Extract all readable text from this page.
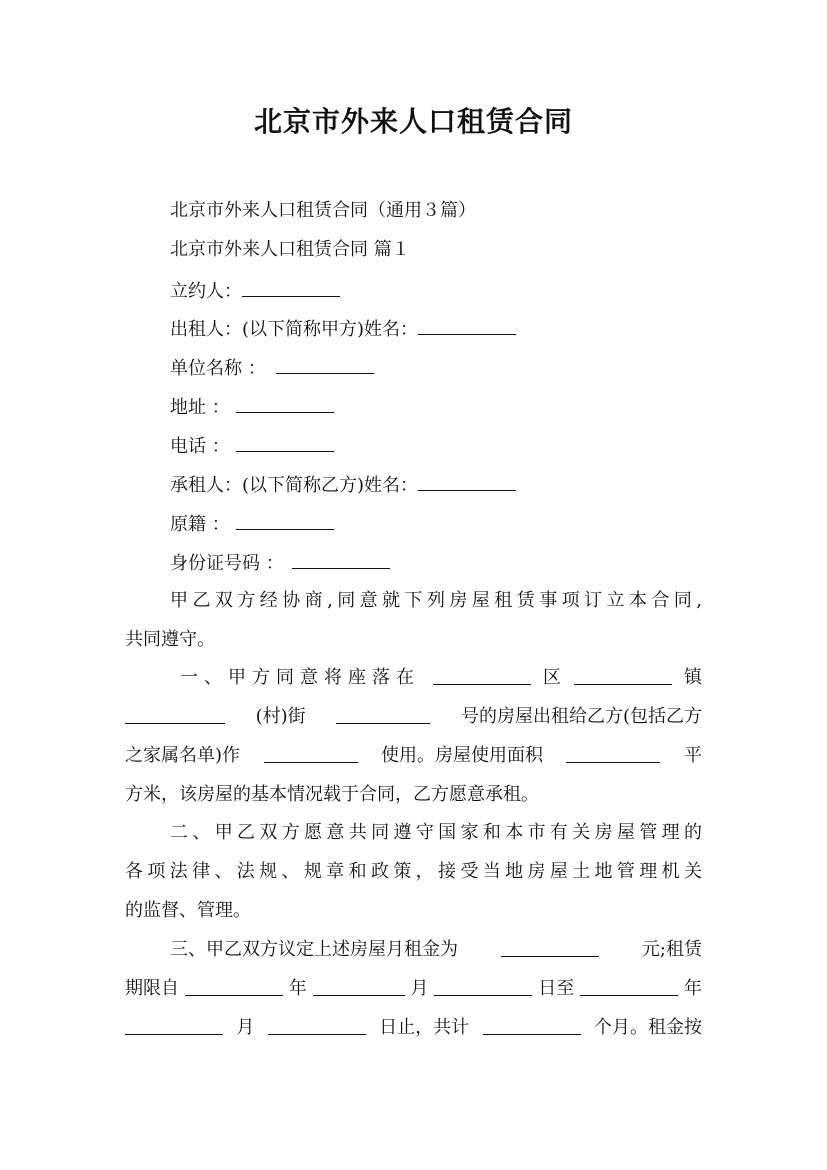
北京市外来人口租赁合同
北京市外来人口租赁合同（通用３篇）
北京市外来人口租赁合同 篇１
立约人：
出租人：(以下简称甲方)姓名：
单位名称 ：
地址 ：
电话 ：
承租人：(以下简称乙方)姓名：
原籍 ：
身份证号码 ：
甲乙双方经协商,同意就下列房屋租赁事项订立本合同,
共同遵守。
一、甲方同意将座落在	区	镇
(村)街	号的房屋出租给乙方(包括乙方
之家属名单)作	使用。房屋使用面积	平
方米，该房屋的基本情况载于合同，乙方愿意承租。
二、甲乙双方愿意共同遵守国家和本市有关房屋管理的
各项法律、法规、规章和政策，接受当地房屋土地管理机关
的监督、管理。
三、甲乙双方议定上述房屋月租金为	元;租赁
期限自	年	月	日至	年
月	日止，共计	个月。租金按
